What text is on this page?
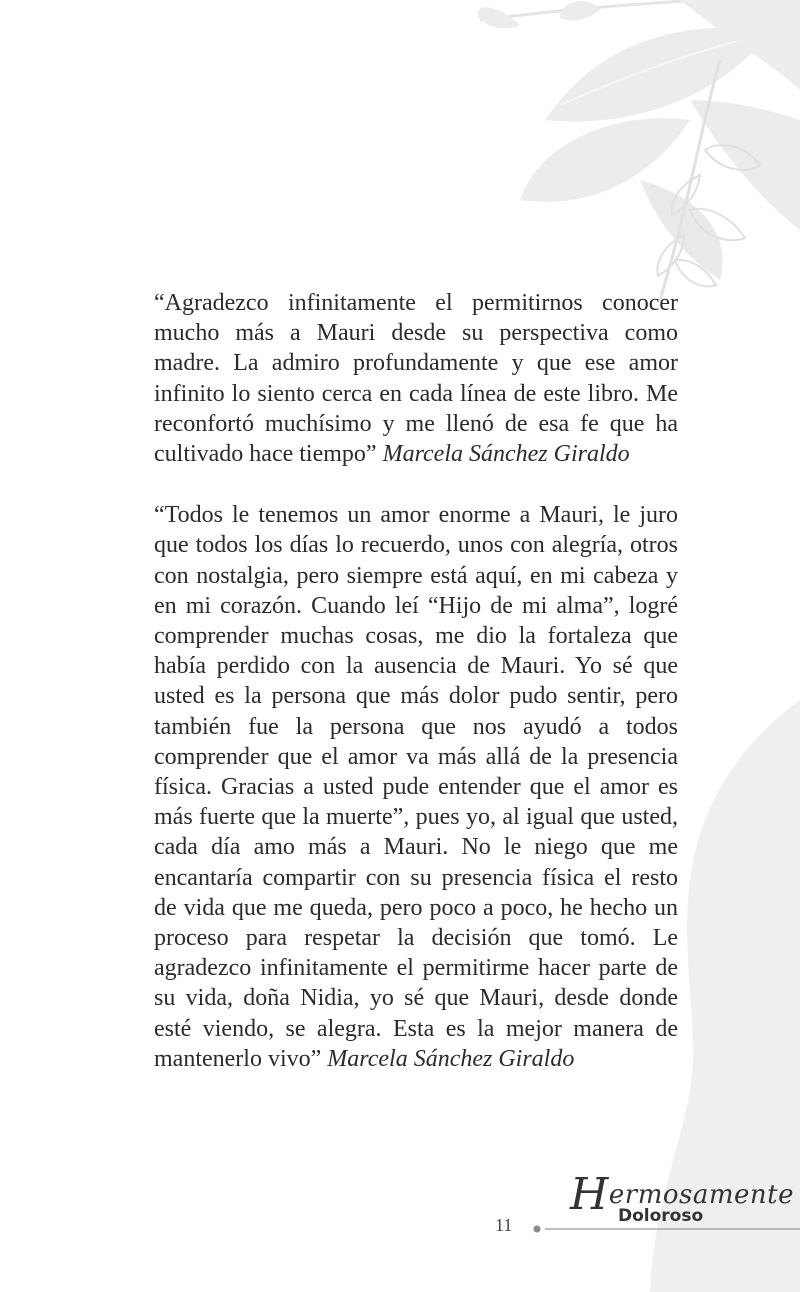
“Agradezco infinitamente el permitirnos conocer mucho más a Mauri desde su perspectiva como madre. La admiro profundamente y que ese amor infinito lo siento cerca en cada línea de este libro. Me reconfortó muchísimo y me llenó de esa fe que ha cultivado hace tiempo” Marcela Sánchez Giraldo

“Todos le tenemos un amor enorme a Mauri, le juro que todos los días lo recuerdo, unos con alegría, otros con nostalgia, pero siempre está aquí, en mi cabeza y en mi corazón. Cuando leí “Hijo de mi alma”, logré comprender muchas cosas, me dio la fortaleza que había perdido con la ausencia de Mauri. Yo sé que usted es la persona que más dolor pudo sentir, pero también fue la persona que nos ayudó a todos comprender que el amor va más allá de la presencia física. Gracias a usted pude entender que el amor es más fuerte que la muerte”, pues yo, al igual que usted, cada día amo más a Mauri. No le niego que me encantaría compartir con su presencia física el resto de vida que me queda, pero poco a poco, he hecho un proceso para respetar la decisión que tomó. Le agradezco infinitamente el permitirme hacer parte de su vida, doña Nidia, yo sé que Mauri, desde donde esté viendo, se alegra. Esta es la mejor manera de mantenerlo vivo” Marcela Sánchez Giraldo

11
Hermosamente
Doloroso
